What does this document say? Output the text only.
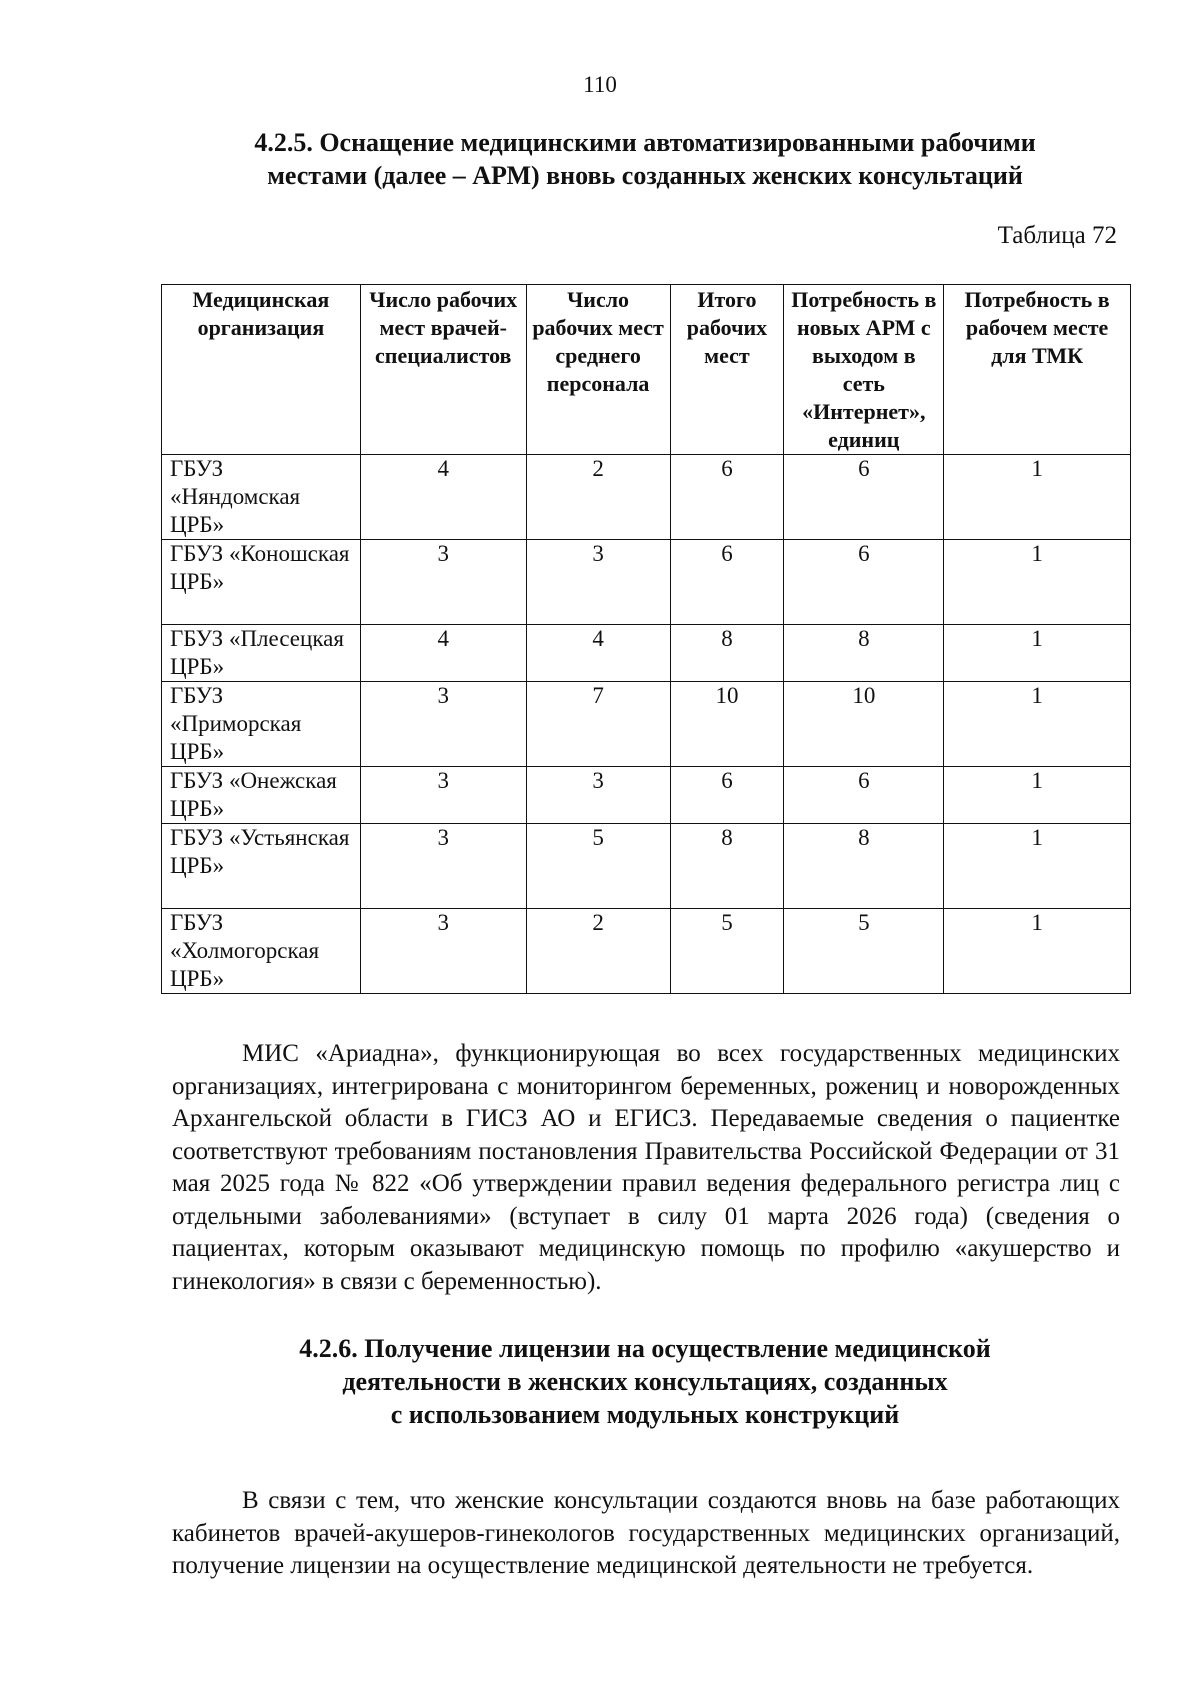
110
4.2.5. Оснащение медицинскими автоматизированными рабочими
местами (далее – АРМ) вновь созданных женских консультаций
Таблица 72
Медицинская организация	Число рабочих мест врачей-специалистов	Число рабочих мест среднего персонала	Итого рабочих мест	Потребность в новых АРМ с выходом в сеть «Интернет», единиц	Потребность в рабочем месте для ТМК
ГБУЗ «Няндомская ЦРБ»	4	2	6	6	1
ГБУЗ «Коношская ЦРБ»	3	3	6	6	1
ГБУЗ «Плесецкая ЦРБ»	4	4	8	8	1
ГБУЗ «Приморская ЦРБ»	3	7	10	10	1
ГБУЗ «Онежская ЦРБ»	3	3	6	6	1
ГБУЗ «Устьянская ЦРБ»	3	5	8	8	1
ГБУЗ «Холмогорская ЦРБ»	3	2	5	5	1

МИС «Ариадна», функционирующая во всех государственных медицинских организациях, интегрирована с мониторингом беременных, рожениц и новорожденных Архангельской области в ГИСЗ АО и ЕГИСЗ. Передаваемые сведения о пациентке соответствуют требованиям постановления Правительства Российской Федерации от 31 мая 2025 года № 822 «Об утверждении правил ведения федерального регистра лиц с отдельными заболеваниями» (вступает в силу 01 марта 2026 года) (сведения о пациентах, которым оказывают медицинскую помощь по профилю «акушерство и гинекология» в связи с беременностью).

4.2.6. Получение лицензии на осуществление медицинской
деятельности в женских консультациях, созданных
с использованием модульных конструкций

В связи с тем, что женские консультации создаются вновь на базе работающих кабинетов врачей-акушеров-гинекологов государственных медицинских организаций, получение лицензии на осуществление медицинской деятельности не требуется.
